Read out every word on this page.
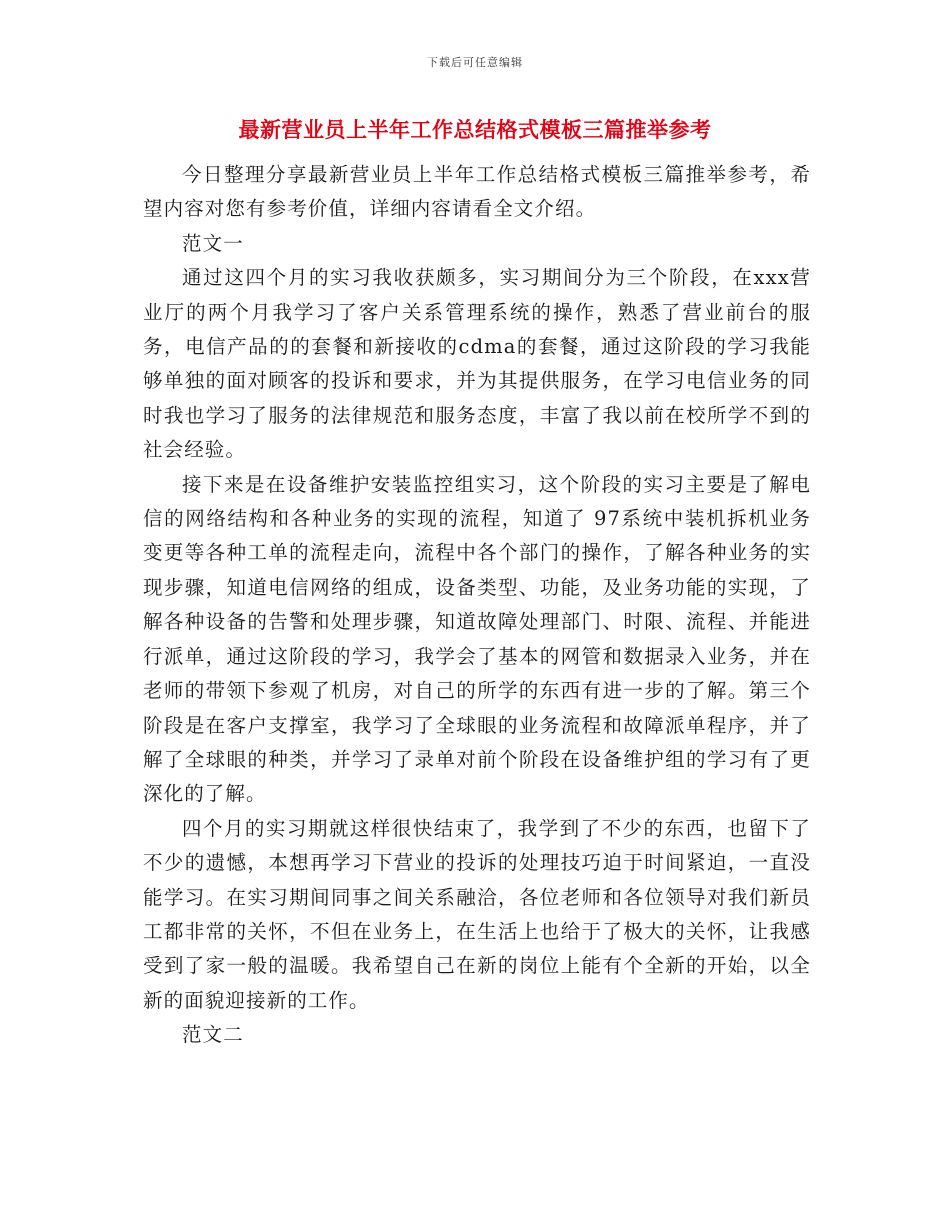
下载后可任意编辑
最新营业员上半年工作总结格式模板三篇推举参考

今日整理分享最新营业员上半年工作总结格式模板三篇推举参考，希望内容对您有参考价值，详细内容请看全文介绍。

范文一

通过这四个月的实习我收获颇多，实习期间分为三个阶段，在xxx营业厅的两个月我学习了客户关系管理系统的操作，熟悉了营业前台的服务，电信产品的的套餐和新接收的cdma的套餐，通过这阶段的学习我能够单独的面对顾客的投诉和要求，并为其提供服务，在学习电信业务的同时我也学习了服务的法律规范和服务态度，丰富了我以前在校所学不到的社会经验。

接下来是在设备维护安装监控组实习，这个阶段的实习主要是了解电信的网络结构和各种业务的实现的流程，知道了 97系统中装机拆机业务变更等各种工单的流程走向，流程中各个部门的操作，了解各种业务的实现步骤，知道电信网络的组成，设备类型、功能，及业务功能的实现，了解各种设备的告警和处理步骤，知道故障处理部门、时限、流程、并能进行派单，通过这阶段的学习，我学会了基本的网管和数据录入业务，并在老师的带领下参观了机房，对自己的所学的东西有进一步的了解。第三个阶段是在客户支撑室，我学习了全球眼的业务流程和故障派单程序，并了解了全球眼的种类，并学习了录单对前个阶段在设备维护组的学习有了更深化的了解。

四个月的实习期就这样很快结束了，我学到了不少的东西，也留下了不少的遗憾，本想再学习下营业的投诉的处理技巧迫于时间紧迫，一直没能学习。在实习期间同事之间关系融洽，各位老师和各位领导对我们新员工都非常的关怀，不但在业务上，在生活上也给于了极大的关怀，让我感受到了家一般的温暖。我希望自己在新的岗位上能有个全新的开始，以全新的面貌迎接新的工作。

范文二
